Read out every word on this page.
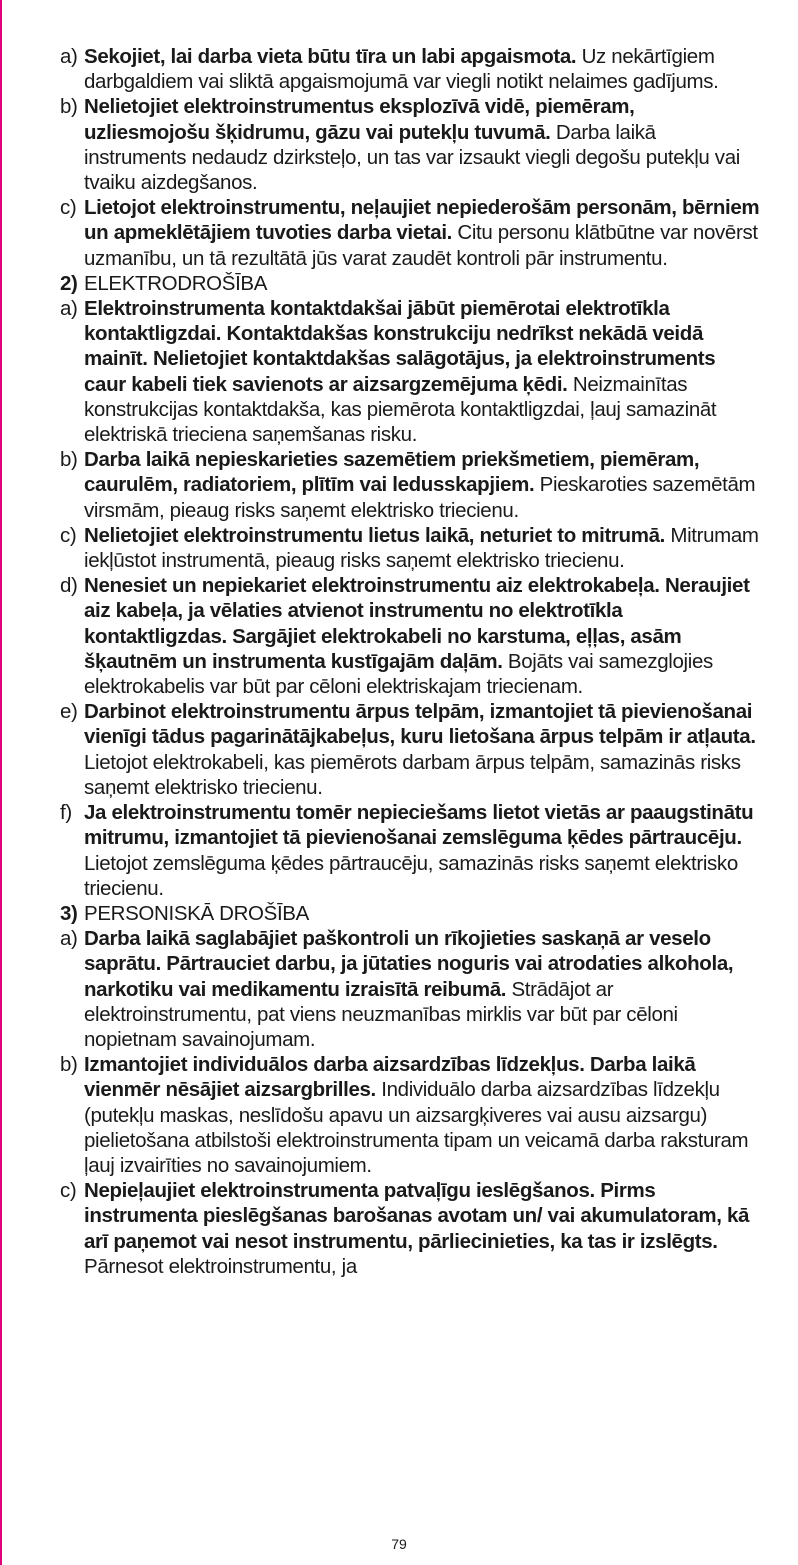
a) Sekojiet, lai darba vieta būtu tīra un labi apgaismota. Uz nekārtīgiem darbgaldiem vai sliktā apgaismojumā var viegli notikt nelaimes gadījums.
b) Nelietojiet elektroinstrumentus eksplozīvā vidē, piemēram, uzliesmojošu šķidrumu, gāzu vai putekļu tuvumā. Darba laikā instruments nedaudz dzirksteļo, un tas var izsaukt viegli degošu putekļu vai tvaiku aizdegšanos.
c) Lietojot elektroinstrumentu, neļaujiet nepiederošām personām, bērniem un apmeklētājiem tuvoties darba vietai. Citu personu klātbūtne var novērst uzmanību, un tā rezultātā jūs varat zaudēt kontroli pār instrumentu.
2) ELEKTRODROŠĪBA
a) Elektroinstrumenta kontaktdakšai jābūt piemērotai elektrotīkla kontaktligzdai. Kontaktdakšas konstrukciju nedrīkst nekādā veidā mainīt. Nelietojiet kontaktdakšas salāgotājus, ja elektroinstruments caur kabeli tiek savienots ar aizsargzemējuma ķēdi. Neizmainītas konstrukcijas kontaktdakša, kas piemērota kontaktligzdai, ļauj samazināt elektriskā trieciena saņemšanas risku.
b) Darba laikā nepieskarieties sazemētiem priekšmetiem, piemēram, caurulēm, radiatoriem, plītīm vai ledusskapjiem. Pieskaroties sazemētām virsmām, pieaug risks saņemt elektrisko triecienu.
c) Nelietojiet elektroinstrumentu lietus laikā, neturiet to mitrumā. Mitrumam iekļūstot instrumentā, pieaug risks saņemt elektrisko triecienu.
d) Nenesiet un nepiekariet elektroinstrumentu aiz elektrokabeļa. Neraujiet aiz kabeļa, ja vēlaties atvienot instrumentu no elektrotīkla kontaktligzdas. Sargājiet elektrokabeli no karstuma, eļļas, asām šķautnēm un instrumenta kustīgajām daļām. Bojāts vai samezglojies elektrokabelis var būt par cēloni elektriskajam triecienam.
e) Darbinot elektroinstrumentu ārpus telpām, izmantojiet tā pievienošanai vienīgi tādus pagarinātājkabeļus, kuru lietošana ārpus telpām ir atļauta. Lietojot elektrokabeli, kas piemērots darbam ārpus telpām, samazinās risks saņemt elektrisko triecienu.
f) Ja elektroinstrumentu tomēr nepieciešams lietot vietās ar paaugstinātu mitrumu, izmantojiet tā pievienošanai zemslēguma ķēdes pārtraucēju. Lietojot zemslēguma ķēdes pārtraucēju, samazinās risks saņemt elektrisko triecienu.
3) PERSONISKĀ DROŠĪBA
a) Darba laikā saglabājiet paškontroli un rīkojieties saskaņā ar veselo saprātu. Pārtrauciet darbu, ja jūtaties noguris vai atrodaties alkohola, narkotiku vai medikamentu izraisītā reibumā. Strādājot ar elektroinstrumentu, pat viens neuzmanības mirklis var būt par cēloni nopietnam savainojumam.
b) Izmantojiet individuālos darba aizsardzības līdzekļus. Darba laikā vienmēr nēsājiet aizsargbrilles. Individuālo darba aizsardzības līdzekļu (putekļu maskas, neslīdošu apavu un aizsargķiveres vai ausu aizsargu) pielietošana atbilstoši elektroinstrumenta tipam un veicamā darba raksturam ļauj izvairīties no savainojumiem.
c) Nepieļaujiet elektroinstrumenta patvaļīgu ieslēgšanos. Pirms instrumenta pieslēgšanas barošanas avotam un/ vai akumulatoram, kā arī paņemot vai nesot instrumentu, pārliecinieties, ka tas ir izslēgts. Pārnesot elektroinstrumentu, ja
79
